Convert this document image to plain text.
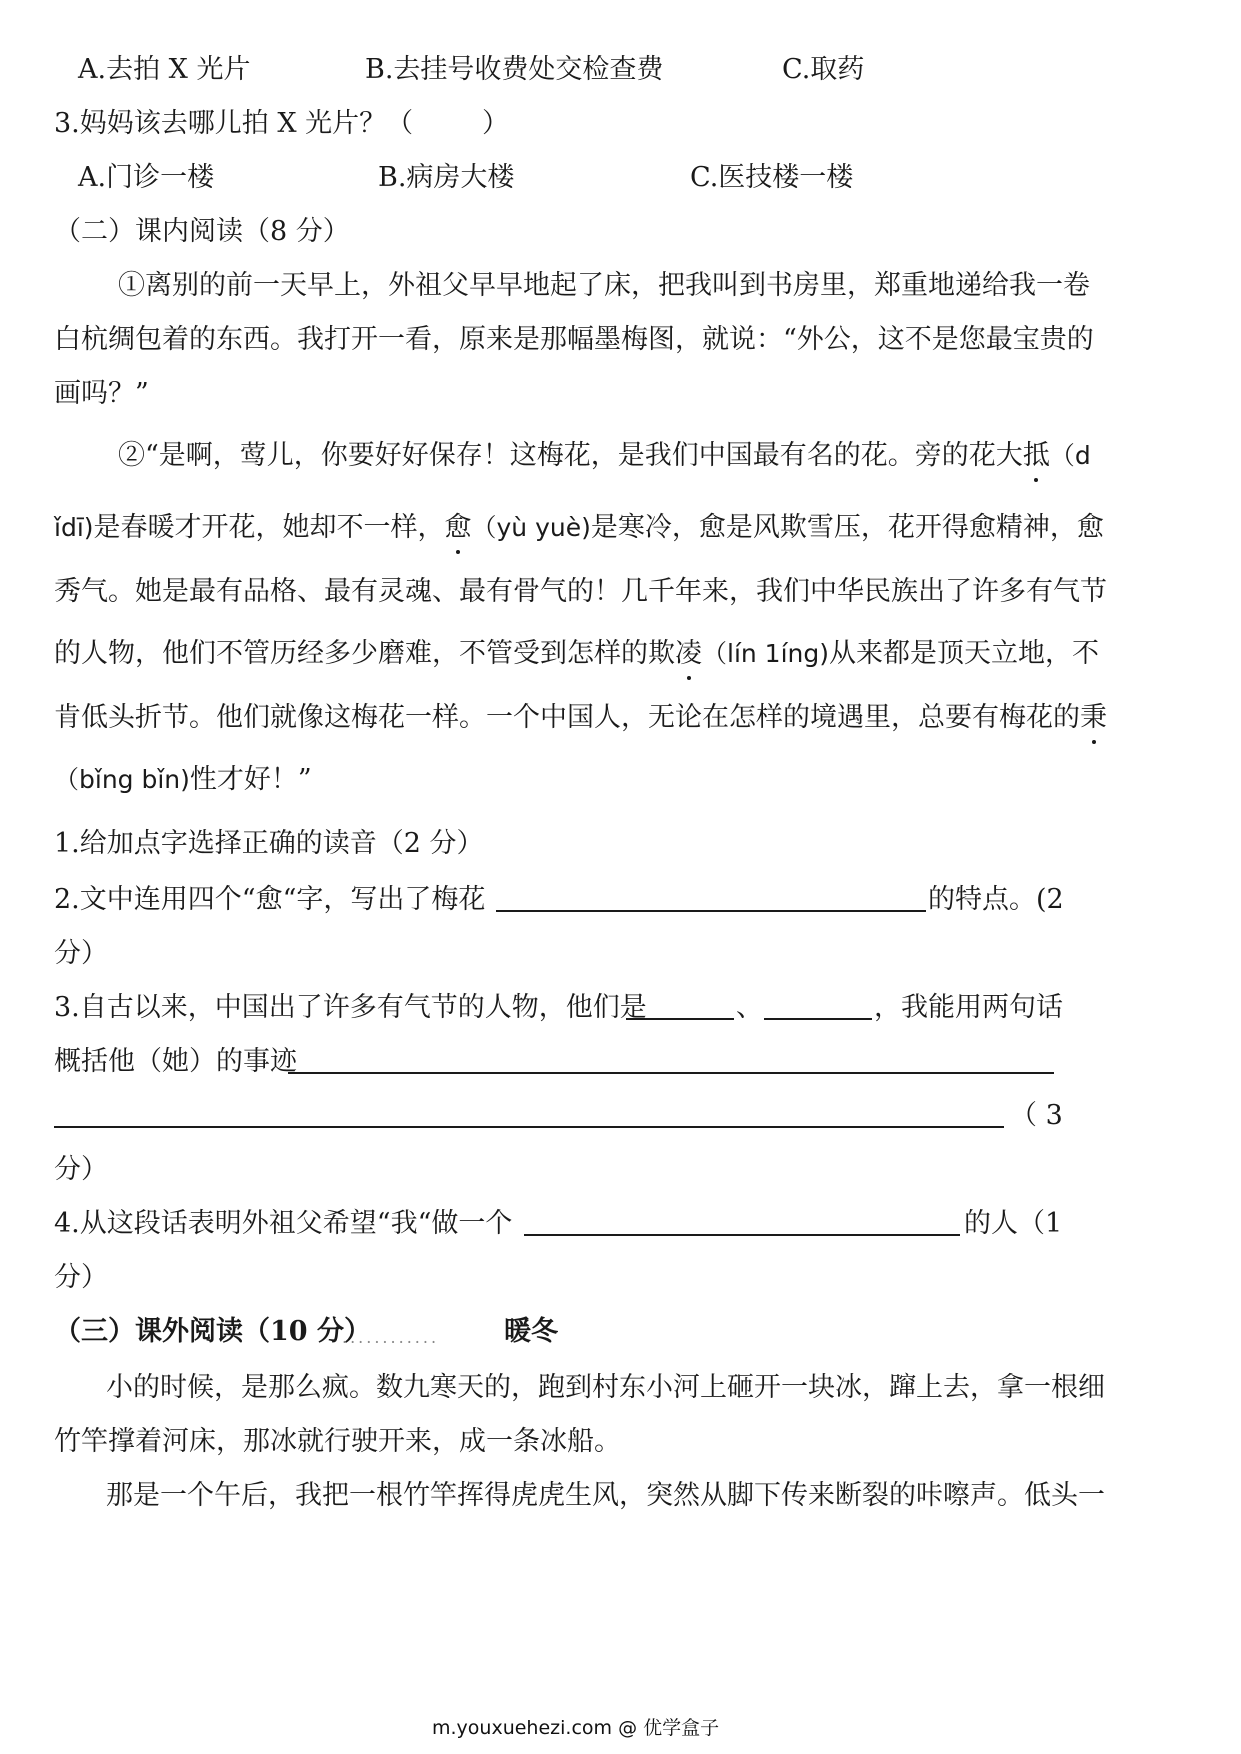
A.去拍 X 光片	B.去挂号收费处交检查费	C.取药
3.妈妈该去哪儿拍 X 光片？（	）
A.门诊一楼	B.病房大楼	C.医技楼一楼
（二）课内阅读（8 分）
①离别的前一天早上，外祖父早早地起了床，把我叫到书房里，郑重地递给我一卷
白杭绸包着的东西。我打开一看，原来是那幅墨梅图，就说：“外公，这不是您最宝贵的
画吗？”
②“是啊，莺儿，你要好好保存！这梅花，是我们中国最有名的花。旁的花大抵（d
ǐdī)是春暖才开花，她却不一样，愈（yù yuè)是寒冷，愈是风欺雪压，花开得愈精神，愈
秀气。她是最有品格、最有灵魂、最有骨气的！几千年来，我们中华民族出了许多有气节
的人物，他们不管历经多少磨难，不管受到怎样的欺凌（lín 1íng)从来都是顶天立地，不
肯低头折节。他们就像这梅花一样。一个中国人，无论在怎样的境遇里，总要有梅花的秉
（bǐng bǐn)性才好！”
1.给加点字选择正确的读音（2 分）
2.文中连用四个“愈“字，写出了梅花	的特点。(2
分）
3.自古以来，中国出了许多有气节的人物，他们是	、	，我能用两句话
概括他（她）的事迹
（ 3
分）
4.从这段话表明外祖父希望“我“做一个	的人（1
分）
（三）课外阅读（10 分）
............ 暖冬
小的时候，是那么疯。数九寒天的，跑到村东小河上砸开一块冰，蹿上去，拿一根细
竹竿撑着河床，那冰就行驶开来，成一条冰船。
那是一个午后，我把一根竹竿挥得虎虎生风，突然从脚下传来断裂的咔嚓声。低头一
m.youxuehezi.com @ 优学盒子
